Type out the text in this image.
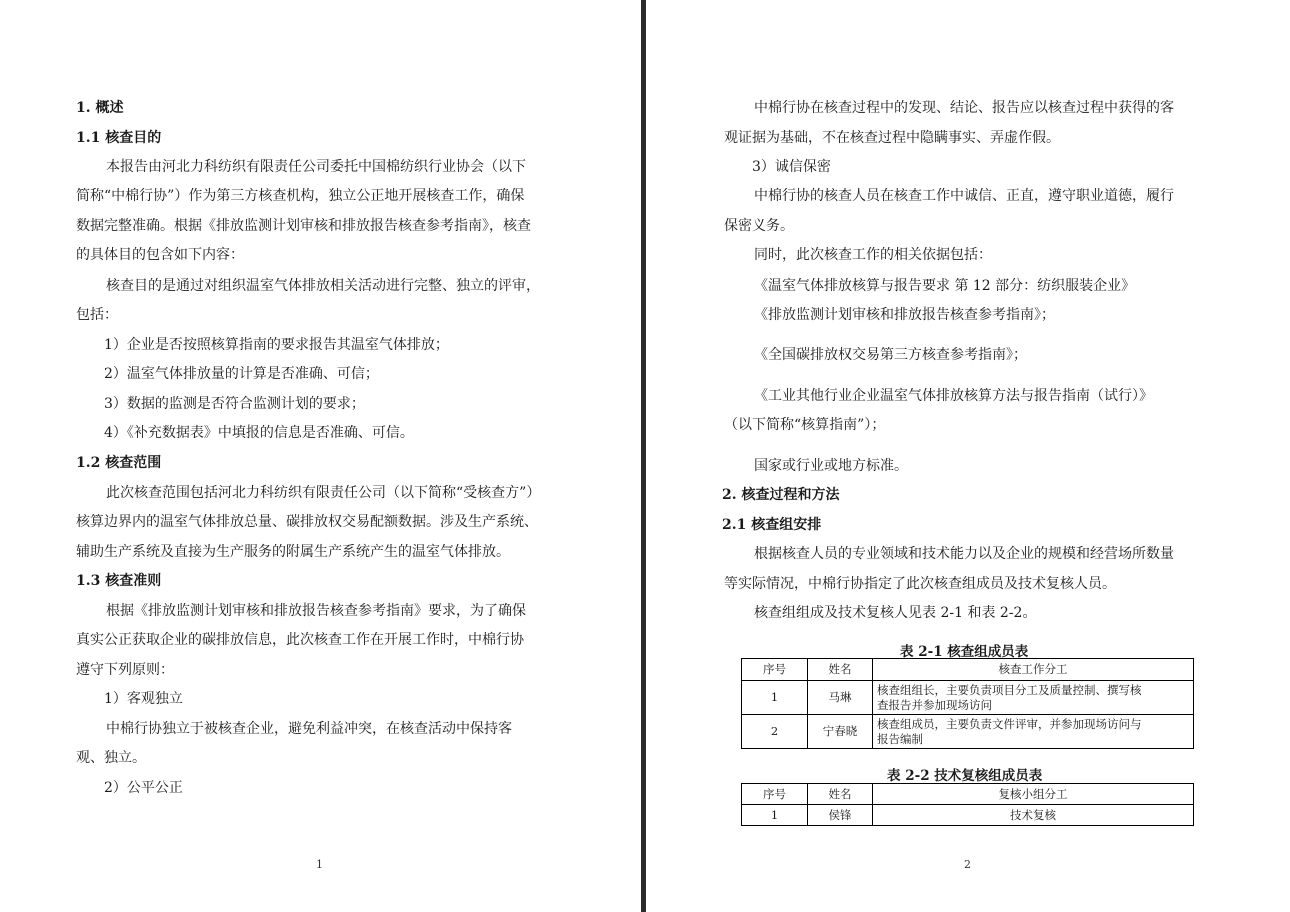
1. 概述
1.1 核查目的
本报告由河北力科纺织有限责任公司委托中国棉纺织行业协会（以下
简称“中棉行协”）作为第三方核查机构，独立公正地开展核查工作，确保
数据完整准确。根据《排放监测计划审核和排放报告核查参考指南》，核查
的具体目的包含如下内容：
核查目的是通过对组织温室气体排放相关活动进行完整、独立的评审，
包括：
1）企业是否按照核算指南的要求报告其温室气体排放；
2）温室气体排放量的计算是否准确、可信；
3）数据的监测是否符合监测计划的要求；
4）《补充数据表》中填报的信息是否准确、可信。
1.2 核查范围
此次核查范围包括河北力科纺织有限责任公司（以下简称“受核查方”）
核算边界内的温室气体排放总量、碳排放权交易配额数据。涉及生产系统、
辅助生产系统及直接为生产服务的附属生产系统产生的温室气体排放。
1.3 核查准则
根据《排放监测计划审核和排放报告核查参考指南》要求，为了确保
真实公正获取企业的碳排放信息，此次核查工作在开展工作时，中棉行协
遵守下列原则：
1）客观独立
中棉行协独立于被核查企业，避免利益冲突，在核查活动中保持客
观、独立。
2）公平公正
1
中棉行协在核查过程中的发现、结论、报告应以核查过程中获得的客
观证据为基础，不在核查过程中隐瞒事实、弄虚作假。
3）诚信保密
中棉行协的核查人员在核查工作中诚信、正直，遵守职业道德，履行
保密义务。
同时，此次核查工作的相关依据包括：
《温室气体排放核算与报告要求 第 12 部分：纺织服装企业》
《排放监测计划审核和排放报告核查参考指南》；
《全国碳排放权交易第三方核查参考指南》；
《工业其他行业企业温室气体排放核算方法与报告指南（试行）》
（以下简称“核算指南”）；
国家或行业或地方标准。
2. 核查过程和方法
2.1 核查组安排
根据核查人员的专业领域和技术能力以及企业的规模和经营场所数量
等实际情况，中棉行协指定了此次核查组成员及技术复核人员。
核查组组成及技术复核人见表 2-1 和表 2-2。
表 2-1 核查组成员表
序号	姓名	核查工作分工
1	马琳	核查组组长，主要负责项目分工及质量控制、撰写核
查报告并参加现场访问

2	宁春晓	核查组成员，主要负责文件评审，并参加现场访问与
报告编制
表 2-2 技术复核组成员表
序号	姓名	复核小组分工
1	侯锋	技术复核
2
